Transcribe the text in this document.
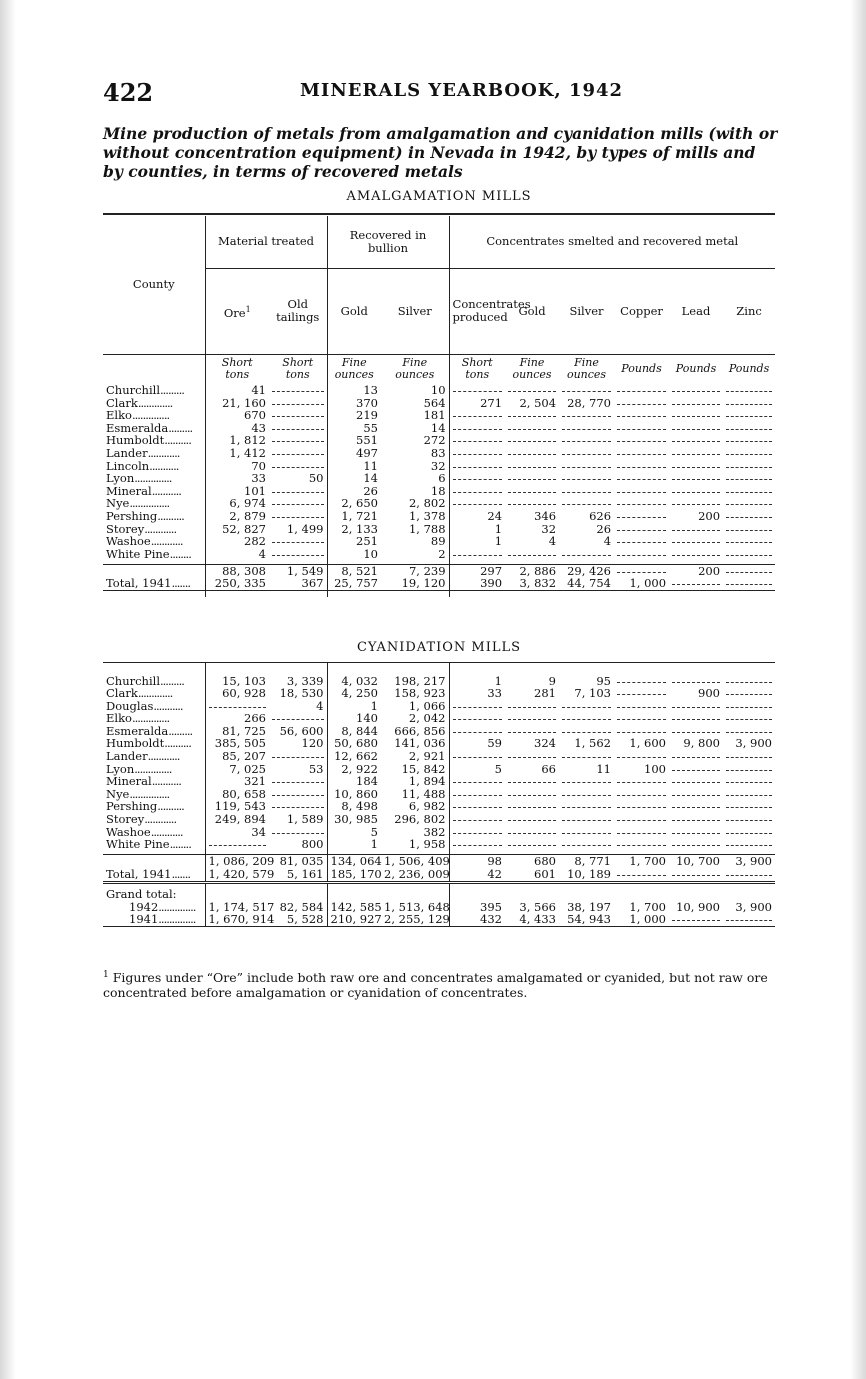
422	MINERALS YEARBOOK, 1942
Mine production of metals from amalgamation and cyanidation mills (with or without concentration equipment) in Nevada in 1942, by types of mills and by counties, in terms of recovered metals
AMALGAMATION MILLS
County	Material treated		Recovered in bullion		Concentrates smelted and recovered metal					
	Ore$^1$	Old tailings	Gold	Silver	Concentrates produced	Gold	Silver	Copper	Lead	Zinc
	Short tons	Short tons	Fine ounces	Fine ounces	Short tons	Fine ounces	Fine ounces	Pounds	Pounds	Pounds
Churchill.........	41		13	10						
Clark.............	21, 160		370	564	271	2, 504	28, 770			
Elko..............	670		219	181						
Esmeralda.........	43		55	14						
Humboldt..........	1, 812		551	272						
Lander............	1, 412		497	83						
Lincoln...........	70		11	32						
Lyon..............	33	50	14	6						
Mineral...........	101		26	18						
Nye...............	6, 974		2, 650	2, 802						
Pershing..........	2, 879		1, 721	1, 378	24	346	626		200	
Storey............	52, 827	1, 499	2, 133	1, 788	1	32	26			
Washoe............	282		251	89	1	4	4			
White Pine........	4		10	2						

	88, 308	1, 549	8, 521	7, 239	297	2, 886	29, 426		200	
Total, 1941.......	250, 335	367	25, 757	19, 120	390	3, 832	44, 754	1, 000		

CYANIDATION MILLS

Churchill.........	15, 103	3, 339	4, 032	198, 217	1	9	95			
Clark.............	60, 928	18, 530	4, 250	158, 923	33	281	7, 103		900	
Douglas...........		4	1	1, 066						
Elko..............	266		140	2, 042						
Esmeralda.........	81, 725	56, 600	8, 844	666, 856						
Humboldt..........	385, 505	120	50, 680	141, 036	59	324	1, 562	1, 600	9, 800	3, 900
Lander............	85, 207		12, 662	2, 921						
Lyon..............	7, 025	53	2, 922	15, 842	5	66	11	100		
Mineral...........	321		184	1, 894						
Nye...............	80, 658		10, 860	11, 488						
Pershing..........	119, 543		8, 498	6, 982						
Storey............	249, 894	1, 589	30, 985	296, 802						
Washoe............	34		5	382						
White Pine........		800	1	1, 958						

	1, 086, 209	81, 035	134, 064	1, 506, 409	98	680	8, 771	1, 700	10, 700	3, 900
Total, 1941.......	1, 420, 579	5, 161	185, 170	2, 236, 009	42	601	10, 189			

Grand total:										
1942..............	1, 174, 517	82, 584	142, 585	1, 513, 648	395	3, 566	38, 197	1, 700	10, 900	3, 900
1941..............	1, 670, 914	5, 528	210, 927	2, 255, 129	432	4, 433	54, 943	1, 000		
$^1$ Figures under “Ore” include both raw ore and concentrates amalgamated or cyanided, but not raw ore concentrated before amalgamation or cyanidation of concentrates.
